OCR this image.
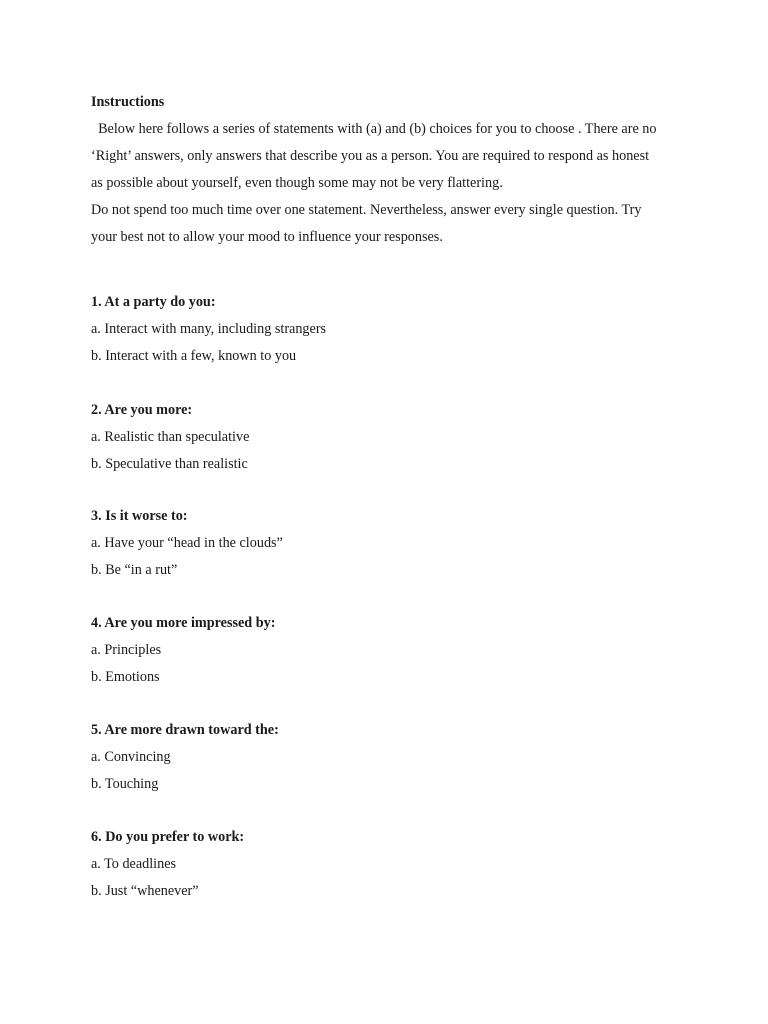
Instructions
Below here follows a series of statements with (a) and (b) choices for you to choose . There are no
‘Right’ answers, only answers that describe you as a person. You are required to respond as honest
as possible about yourself, even though some may not be very flattering.
Do not spend too much time over one statement. Nevertheless, answer every single question. Try
your best not to allow your mood to influence your responses.
1. At a party do you:
a. Interact with many, including strangers
b. Interact with a few, known to you
2. Are you more:
a. Realistic than speculative
b. Speculative than realistic
3. Is it worse to:
a. Have your “head in the clouds”
b. Be “in a rut”
4. Are you more impressed by:
a. Principles
b. Emotions
5. Are more drawn toward the:
a. Convincing
b. Touching
6. Do you prefer to work:
a. To deadlines
b. Just “whenever”
